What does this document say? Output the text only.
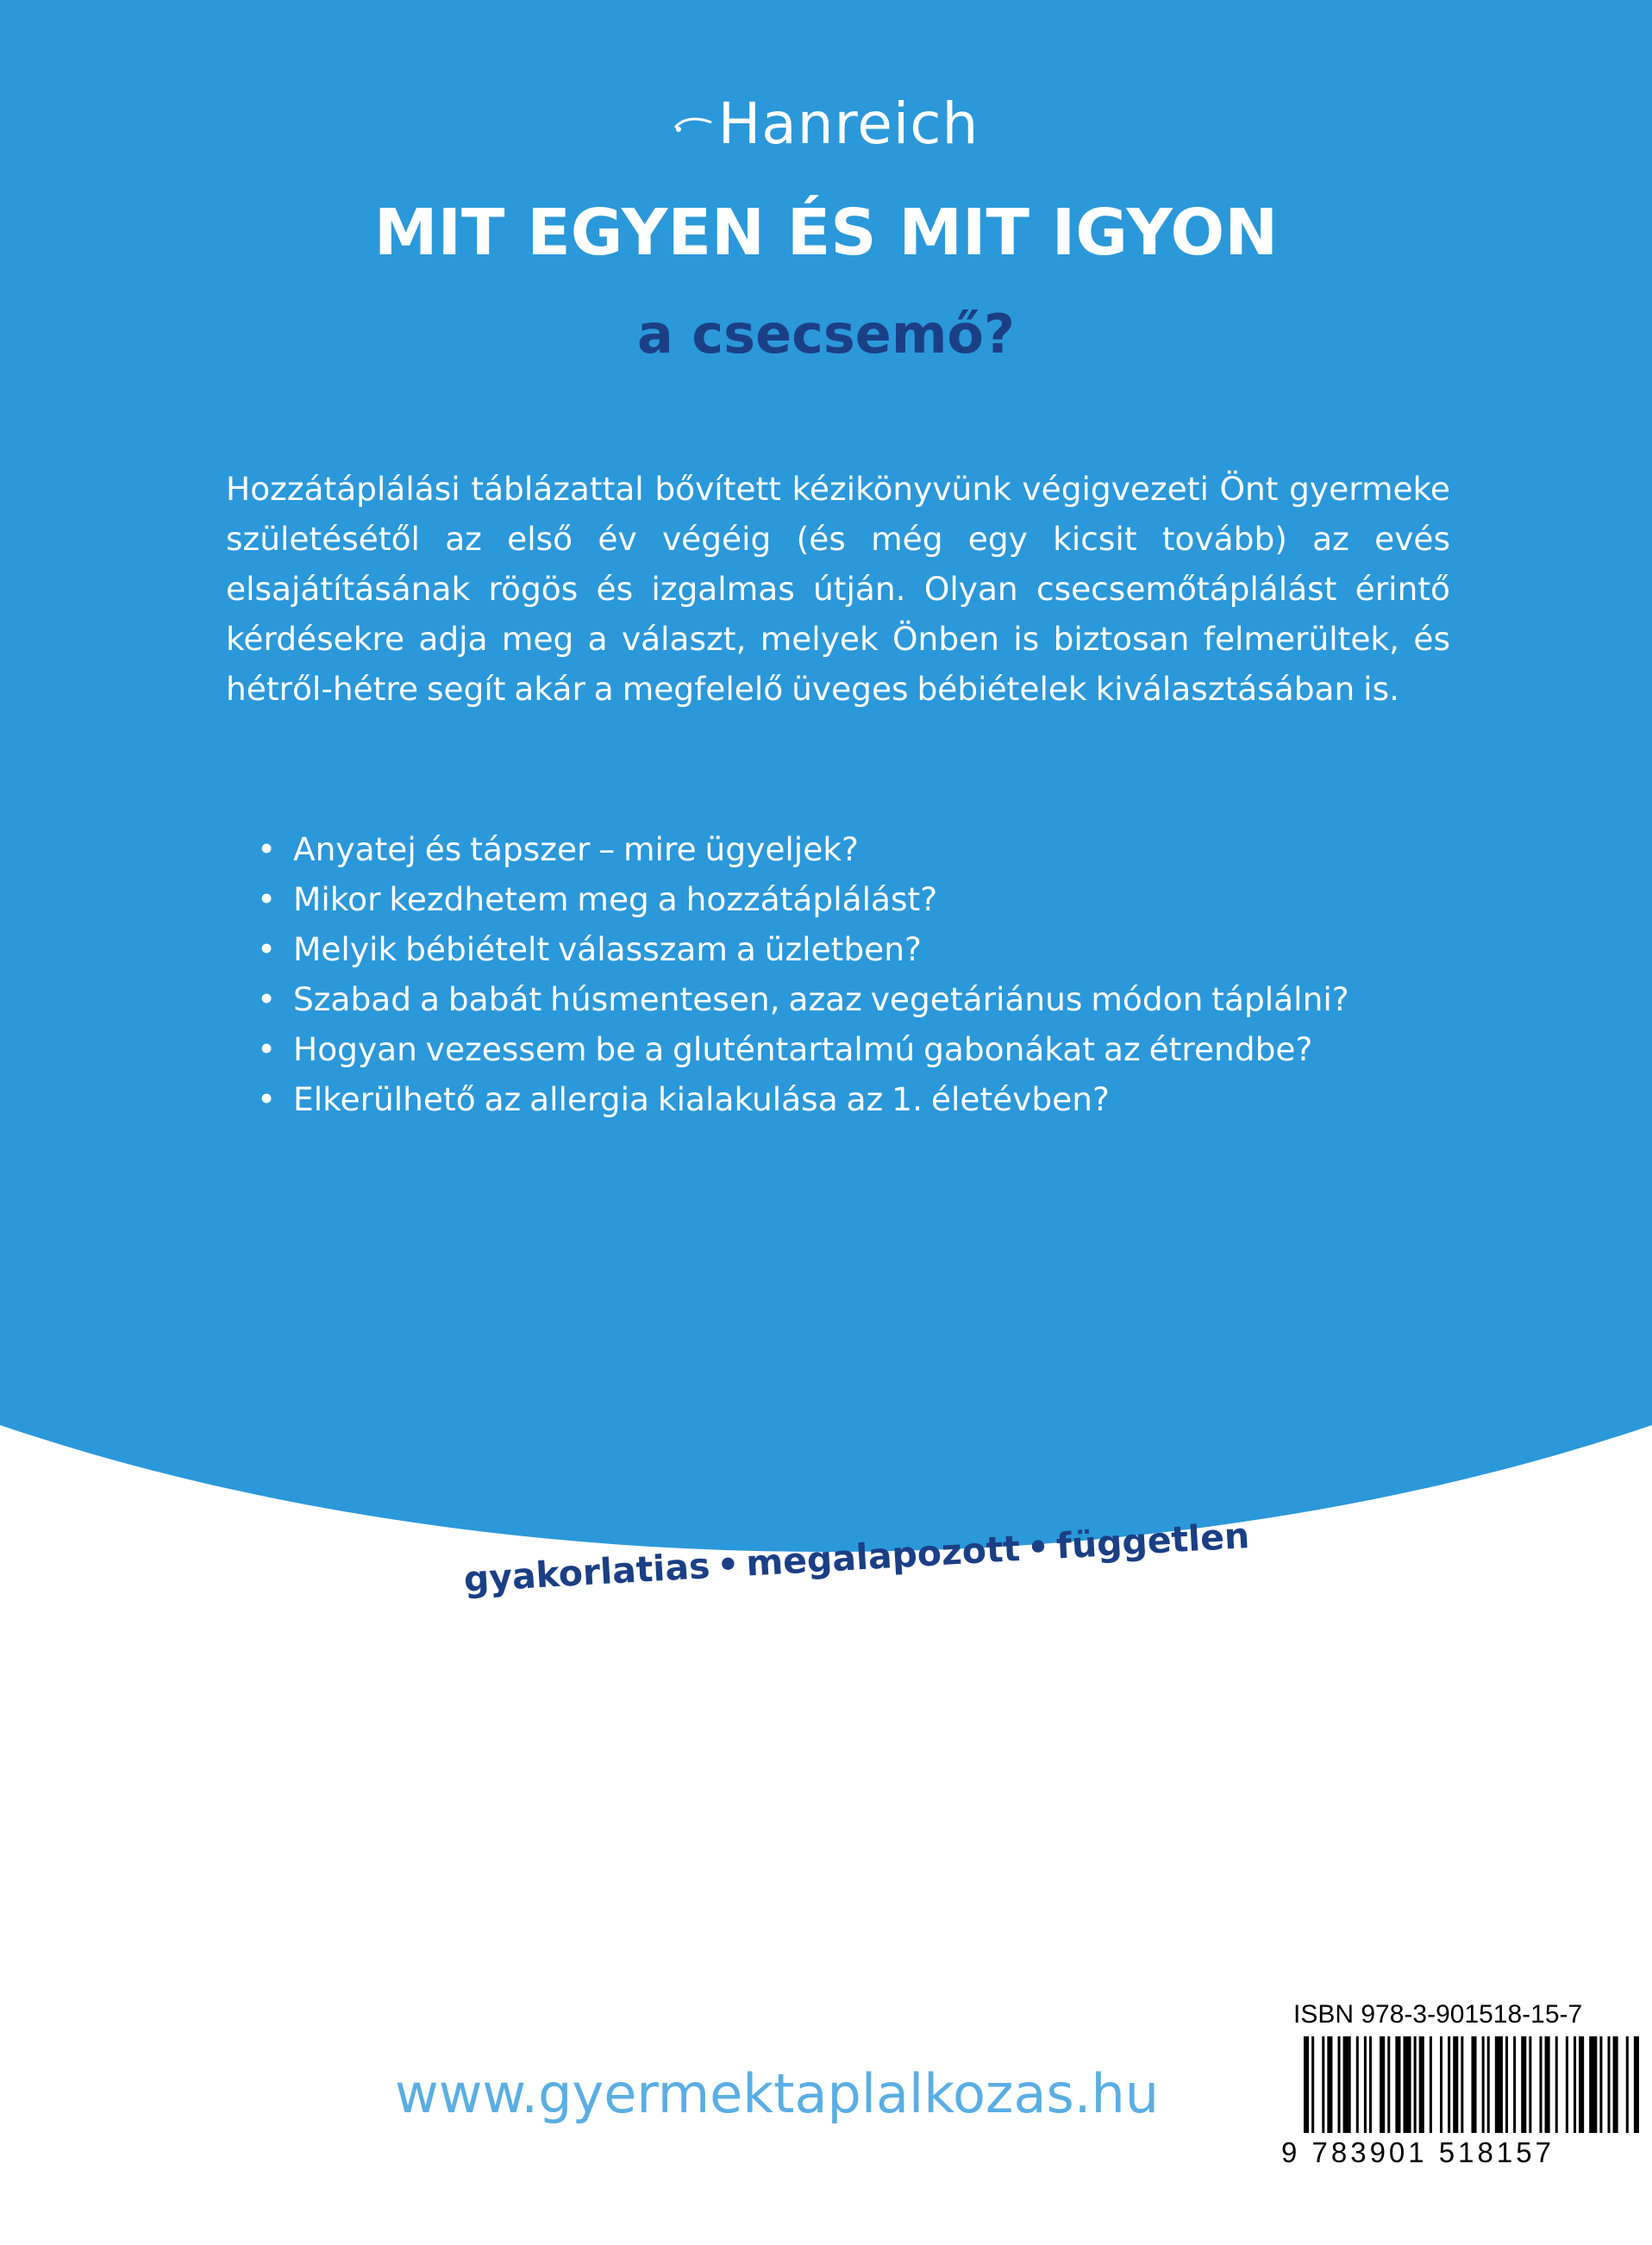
Hanreich
MIT EGYEN ÉS MIT IGYON
a csecsemő?

Hozzátáplálási táblázattal bővített kézikönyvünk végigvezeti Önt gyermeke születésétől az első év végéig (és még egy kicsit tovább) az evés elsajátításának rögös és izgalmas útján. Olyan csecsemőtáplálást érintő kérdésekre adja meg a választ, melyek Önben is biztosan felmerültek, és hétről-hétre segít akár a megfelelő üveges bébiételek kiválasztásában is.

• Anyatej és tápszer – mire ügyeljek?
• Mikor kezdhetem meg a hozzátáplálást?
• Melyik bébiételt válasszam a üzletben?
• Szabad a babát húsmentesen, azaz vegetáriánus módon táplálni?
• Hogyan vezessem be a gluténtartalmú gabonákat az étrendbe?
• Elkerülhető az allergia kialakulása az 1. életévben?
gyakorlatias • megalapozott • független
www.gyermektaplalkozas.hu
ISBN 978-3-901518-15-7
9 783901 518157
